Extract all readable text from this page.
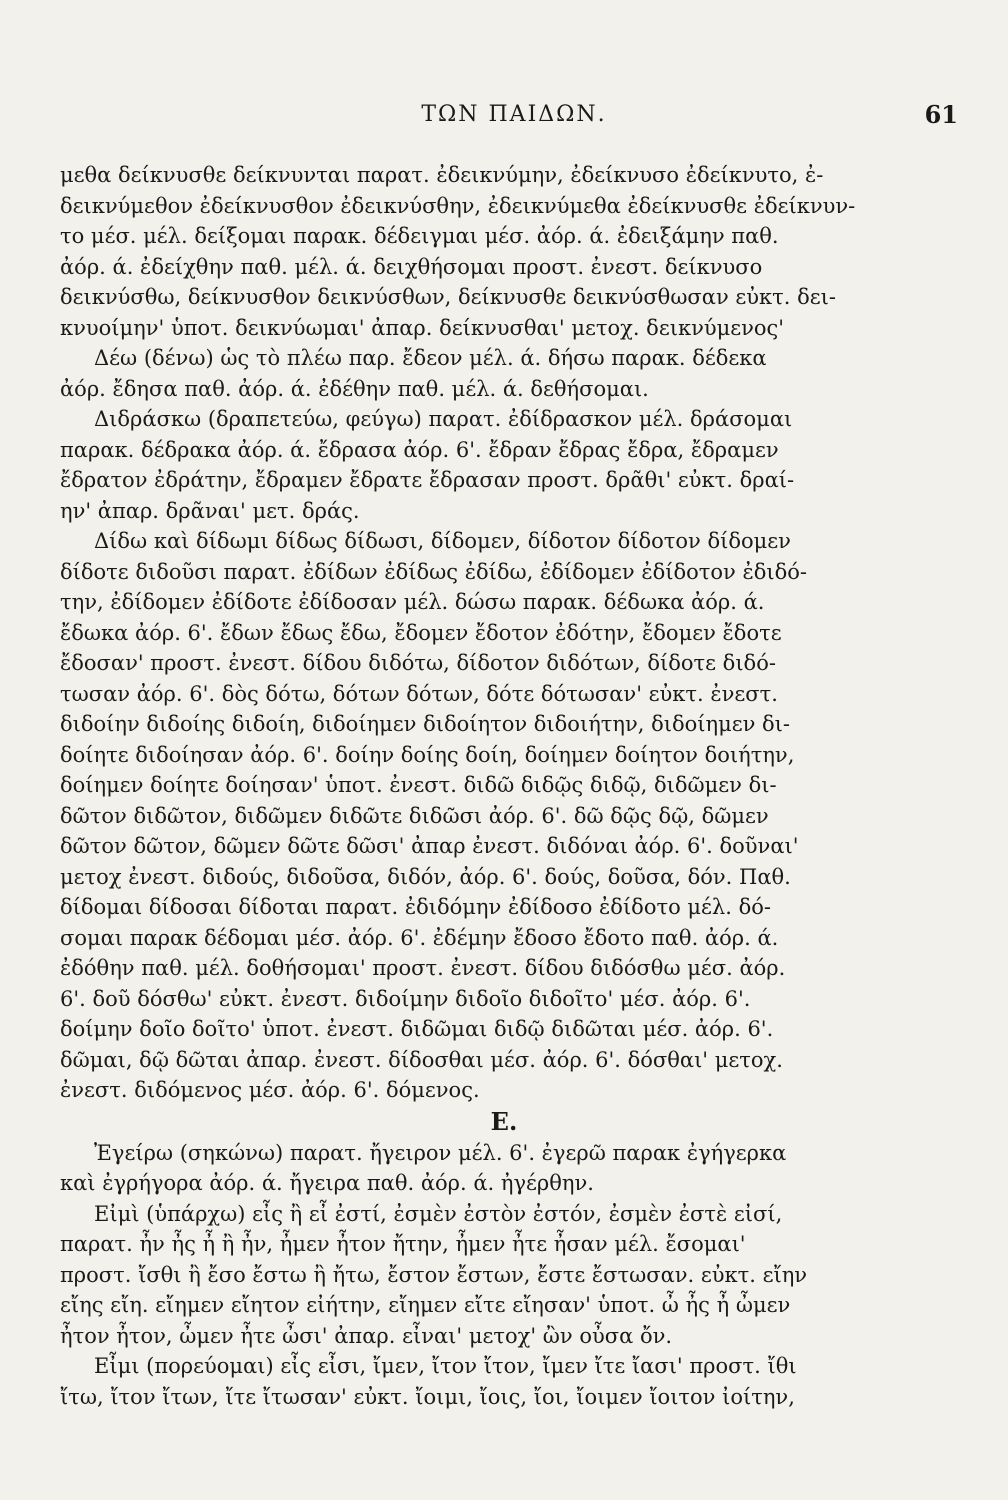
ΤΩΝ ΠΑΙΔΩΝ.	61
μεθα δείκνυσθε δείκνυνται παρατ. ἐδεικνύμην, ἐδείκνυσο ἐδείκνυτο, ἐ-
δεικνύμεθον ἐδείκνυσθον ἐδεικνύσθην, ἐδεικνύμεθα ἐδείκνυσθε ἐδείκνυν-
το μέσ. μέλ. δείξομαι παρακ. δέδειγμαι μέσ. ἀόρ. ά. ἐδειξάμην παθ.
ἀόρ. ά. ἐδείχθην παθ. μέλ. ά. δειχθήσομαι προστ. ἐνεστ. δείκνυσο
δεικνύσθω, δείκνυσθον δεικνύσθων, δείκνυσθε δεικνύσθωσαν εὐκτ. δει-
κνυοίμην' ὑποτ. δεικνύωμαι' ἀπαρ. δείκνυσθαι' μετοχ. δεικνύμενος'
Δέω (δένω) ὡς τὸ πλέω παρ. ἔδεον μέλ. ά. δήσω παρακ. δέδεκα
ἀόρ. ἔδησα παθ. ἀόρ. ά. ἐδέθην παθ. μέλ. ά. δεθήσομαι.
Διδράσκω (δραπετεύω, φεύγω) παρατ. ἐδίδρασκον μέλ. δράσομαι
παρακ. δέδρακα ἀόρ. ά. ἔδρασα ἀόρ. 6'. ἔδραν ἔδρας ἔδρα, ἔδραμεν
ἔδρατον ἐδράτην, ἔδραμεν ἔδρατε ἔδρασαν προστ. δρᾶθι' εὐκτ. δραί-
ην' ἀπαρ. δρᾶναι' μετ. δράς.
Δίδω καὶ δίδωμι δίδως δίδωσι, δίδομεν, δίδοτον δίδοτον δίδομεν
δίδοτε διδοῦσι παρατ. ἐδίδων ἐδίδως ἐδίδω, ἐδίδομεν ἐδίδοτον ἐδιδό-
την, ἐδίδομεν ἐδίδοτε ἐδίδοσαν μέλ. δώσω παρακ. δέδωκα ἀόρ. ά.
ἔδωκα ἀόρ. 6'. ἔδων ἔδως ἔδω, ἔδομεν ἔδοτον ἐδότην, ἔδομεν ἔδοτε
ἔδοσαν' προστ. ἐνεστ. δίδου διδότω, δίδοτον διδότων, δίδοτε διδό-
τωσαν ἀόρ. 6'. δὸς δότω, δότων δότων, δότε δότωσαν' εὐκτ. ἐνεστ.
διδοίην διδοίης διδοίη, διδοίημεν διδοίητον διδοιήτην, διδοίημεν δι-
δοίητε διδοίησαν ἀόρ. 6'. δοίην δοίης δοίη, δοίημεν δοίητον δοιήτην,
δοίημεν δοίητε δοίησαν' ὑποτ. ἐνεστ. διδῶ διδῷς διδῷ, διδῶμεν δι-
δῶτον διδῶτον, διδῶμεν διδῶτε διδῶσι ἀόρ. 6'. δῶ δῷς δῷ, δῶμεν
δῶτον δῶτον, δῶμεν δῶτε δῶσι' ἀπαρ ἐνεστ. διδόναι ἀόρ. 6'. δοῦναι'
μετοχ ἐνεστ. διδούς, διδοῦσα, διδόν, ἀόρ. 6'. δούς, δοῦσα, δόν. Παθ.
δίδομαι δίδοσαι δίδοται παρατ. ἐδιδόμην ἐδίδοσο ἐδίδοτο μέλ. δό-
σομαι παρακ δέδομαι μέσ. ἀόρ. 6'. ἐδέμην ἔδοσο ἔδοτο παθ. ἀόρ. ά.
ἐδόθην παθ. μέλ. δοθήσομαι' προστ. ἐνεστ. δίδου διδόσθω μέσ. ἀόρ.
6'. δοῦ δόσθω' εὐκτ. ἐνεστ. διδοίμην διδοῖο διδοῖτο' μέσ. ἀόρ. 6'.
δοίμην δοῖο δοῖτο' ὑποτ. ἐνεστ. διδῶμαι διδῷ διδῶται μέσ. ἀόρ. 6'.
δῶμαι, δῷ δῶται ἀπαρ. ἐνεστ. δίδοσθαι μέσ. ἀόρ. 6'. δόσθαι' μετοχ.
ἐνεστ. διδόμενος μέσ. ἀόρ. 6'. δόμενος.
Ε.
Ἐγείρω (σηκώνω) παρατ. ἤγειρον μέλ. 6'. ἐγερῶ παρακ ἐγήγερκα
καὶ ἐγρήγορα ἀόρ. ά. ἤγειρα παθ. ἀόρ. ά. ἠγέρθην.
Εἰμὶ (ὑπάρχω) εἶς ἢ εἶ ἐστί, ἐσμὲν ἐστὸν ἐστόν, ἐσμὲν ἐστὲ εἰσί,
παρατ. ἦν ἦς ἦ ἢ ἦν, ἦμεν ἦτον ἤτην, ἦμεν ἦτε ἦσαν μέλ. ἔσομαι'
προστ. ἴσθι ἢ ἔσο ἔστω ἢ ἤτω, ἔστον ἔστων, ἔστε ἔστωσαν. εὐκτ. εἴην
εἴης εἴη. εἴημεν εἴητον εἰήτην, εἴημεν εἴτε εἴησαν' ὑποτ. ὦ ἦς ἦ ὦμεν
ἦτον ἦτον, ὦμεν ἦτε ὦσι' ἀπαρ. εἶναι' μετοχ' ὢν οὖσα ὄν.
Εἶμι (πορεύομαι) εἶς εἶσι, ἴμεν, ἴτον ἴτον, ἴμεν ἴτε ἴασι' προστ. ἴθι
ἴτω, ἴτον ἴτων, ἴτε ἴτωσαν' εὐκτ. ἴοιμι, ἴοις, ἴοι, ἴοιμεν ἴοιτον ἰοίτην,
